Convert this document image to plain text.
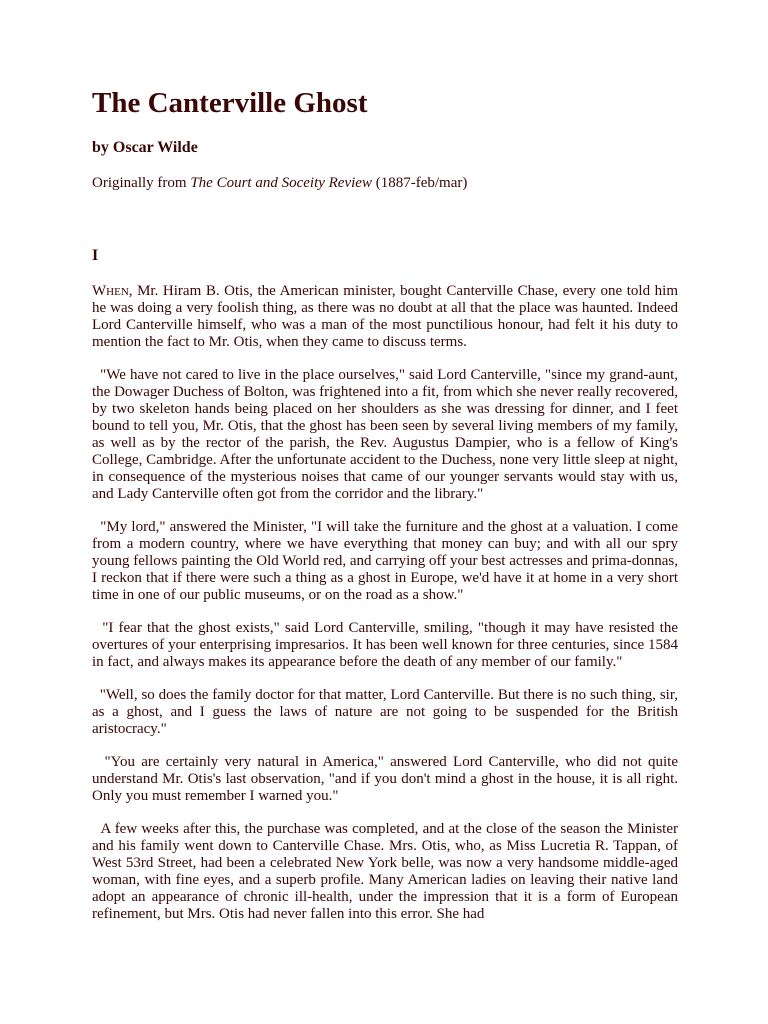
The Canterville Ghost
by Oscar Wilde
Originally from The Court and Soceity Review (1887-feb/mar)
I

When, Mr. Hiram B. Otis, the American minister, bought Canterville Chase, every one told him he was doing a very foolish thing, as there was no doubt at all that the place was haunted. Indeed Lord Canterville himself, who was a man of the most punctilious honour, had felt it his duty to mention the fact to Mr. Otis, when they came to discuss terms.

"We have not cared to live in the place ourselves," said Lord Canterville, "since my grand-aunt, the Dowager Duchess of Bolton, was frightened into a fit, from which she never really recovered, by two skeleton hands being placed on her shoulders as she was dressing for dinner, and I feet bound to tell you, Mr. Otis, that the ghost has been seen by several living members of my family, as well as by the rector of the parish, the Rev. Augustus Dampier, who is a fellow of King's College, Cambridge. After the unfortunate accident to the Duchess, none very little sleep at night, in consequence of the mysterious noises that came of our younger servants would stay with us, and Lady Canterville often got from the corridor and the library."

"My lord," answered the Minister, "I will take the furniture and the ghost at a valuation. I come from a modern country, where we have everything that money can buy; and with all our spry young fellows painting the Old World red, and carrying off your best actresses and prima-donnas, I reckon that if there were such a thing as a ghost in Europe, we'd have it at home in a very short time in one of our public museums, or on the road as a show."

"I fear that the ghost exists," said Lord Canterville, smiling, "though it may have resisted the overtures of your enterprising impresarios. It has been well known for three centuries, since 1584 in fact, and always makes its appearance before the death of any member of our family."

"Well, so does the family doctor for that matter, Lord Canterville. But there is no such thing, sir, as a ghost, and I guess the laws of nature are not going to be suspended for the British aristocracy."

"You are certainly very natural in America," answered Lord Canterville, who did not quite understand Mr. Otis's last observation, "and if you don't mind a ghost in the house, it is all right. Only you must remember I warned you."

A few weeks after this, the purchase was completed, and at the close of the season the Minister and his family went down to Canterville Chase. Mrs. Otis, who, as Miss Lucretia R. Tappan, of West 53rd Street, had been a celebrated New York belle, was now a very handsome middle-aged woman, with fine eyes, and a superb profile. Many American ladies on leaving their native land adopt an appearance of chronic ill-health, under the impression that it is a form of European refinement, but Mrs. Otis had never fallen into this error. She had
